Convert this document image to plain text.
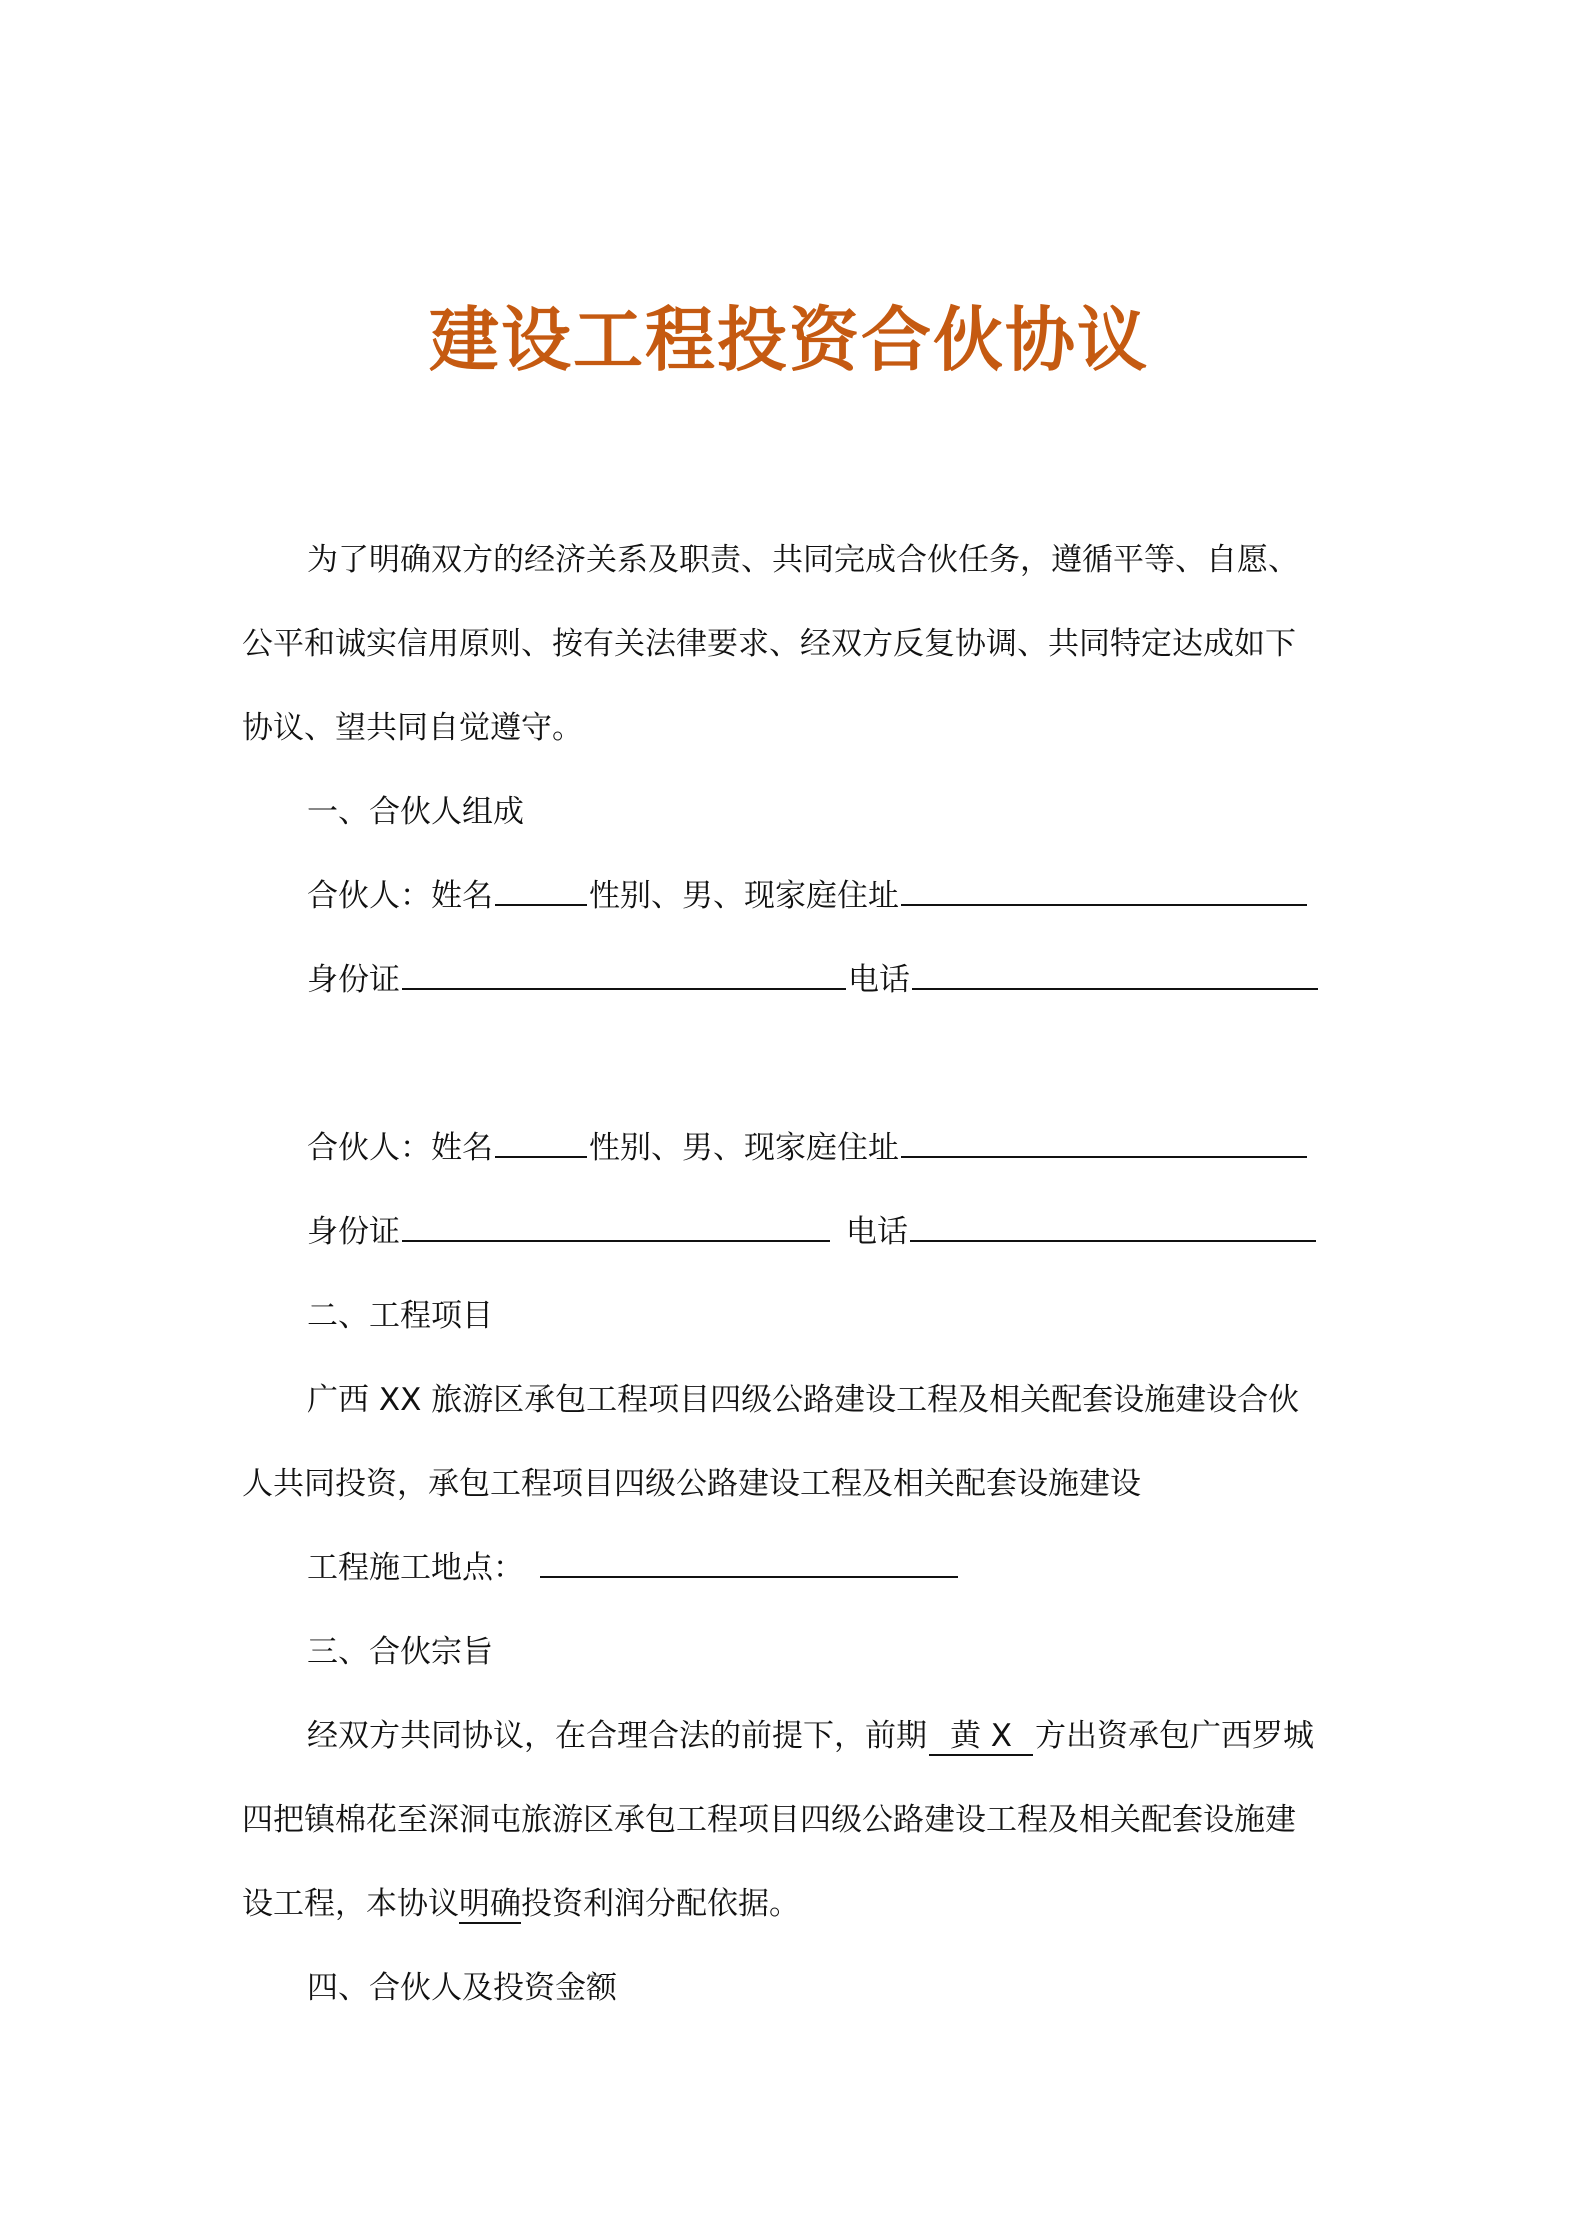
建设工程投资合伙协议
为了明确双方的经济关系及职责、共同完成合伙任务，遵循平等、自愿、
公平和诚实信用原则、按有关法律要求、经双方反复协调、共同特定达成如下
协议、望共同自觉遵守。
一、合伙人组成
合伙人：姓名	性别、男、现家庭住址
身份证	电话
合伙人：姓名	性别、男、现家庭住址
身份证	电话
二、工程项目
广西 XX 旅游区承包工程项目四级公路建设工程及相关配套设施建设合伙
人共同投资，承包工程项目四级公路建设工程及相关配套设施建设
工程施工地点：
三、合伙宗旨
经双方共同协议，在合理合法的前提下，前期 黄 X 方出资承包广西罗城
四把镇棉花至深洞屯旅游区承包工程项目四级公路建设工程及相关配套设施建
设工程，本协议明确投资利润分配依据。
四、合伙人及投资金额
